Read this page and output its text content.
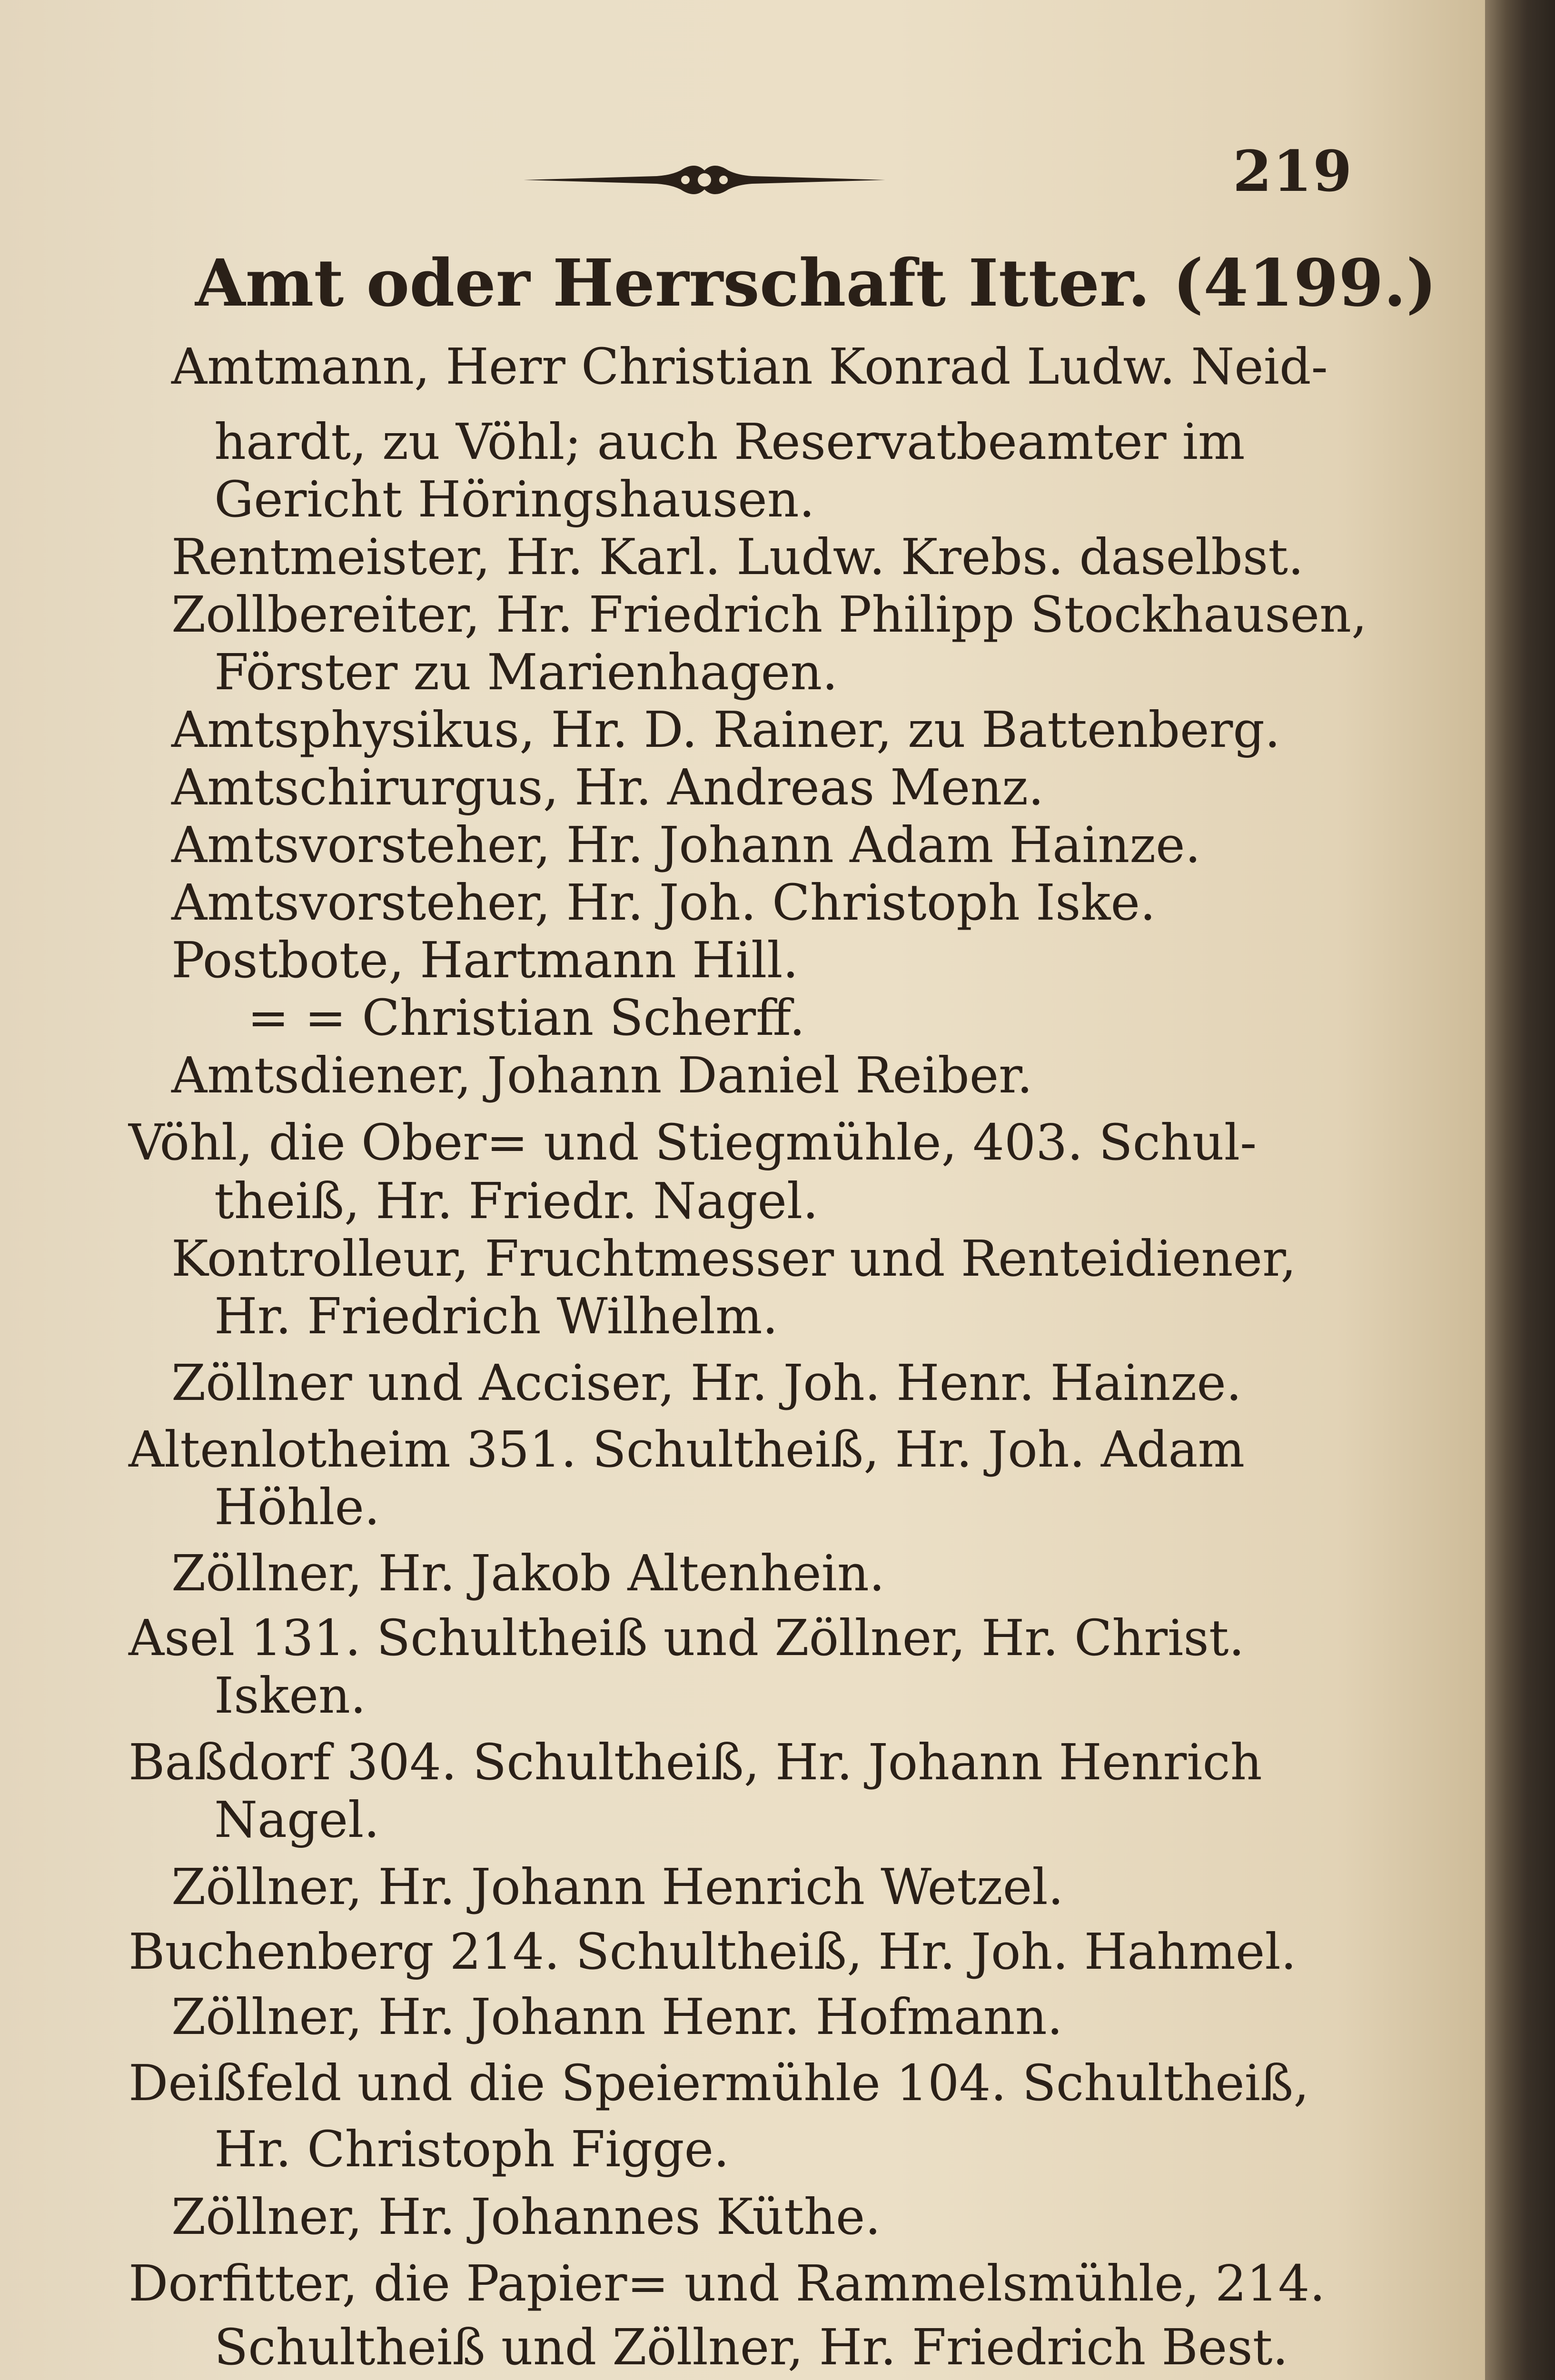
219
Amt oder Herrschaft Itter. (4199.)
Amtmann, Herr Christian Konrad Ludw. Neid-
hardt, zu Vöhl; auch Reservatbeamter im
Gericht Höringshausen.
Rentmeister, Hr. Karl. Ludw. Krebs. daselbst.
Zollbereiter, Hr. Friedrich Philipp Stockhausen,
Förster zu Marienhagen.
Amtsphysikus, Hr. D. Rainer, zu Battenberg.
Amtschirurgus, Hr. Andreas Menz.
Amtsvorsteher, Hr. Johann Adam Hainze.
Amtsvorsteher, Hr. Joh. Christoph Iske.
Postbote, Hartmann Hill.
= = Christian Scherff.
Amtsdiener, Johann Daniel Reiber.
Vöhl, die Ober= und Stiegmühle, 403. Schul-
theiß, Hr. Friedr. Nagel.
Kontrolleur, Fruchtmesser und Renteidiener,
Hr. Friedrich Wilhelm.
Zöllner und Acciser, Hr. Joh. Henr. Hainze.
Altenlotheim 351. Schultheiß, Hr. Joh. Adam
Höhle.
Zöllner, Hr. Jakob Altenhein.
Asel 131. Schultheiß und Zöllner, Hr. Christ.
Isken.
Baßdorf 304. Schultheiß, Hr. Johann Henrich
Nagel.
Zöllner, Hr. Johann Henrich Wetzel.
Buchenberg 214. Schultheiß, Hr. Joh. Hahmel.
Zöllner, Hr. Johann Henr. Hofmann.
Deißfeld und die Speiermühle 104. Schultheiß,
Hr. Christoph Figge.
Zöllner, Hr. Johannes Küthe.
Dorfitter, die Papier= und Rammelsmühle, 214.
Schultheiß und Zöllner, Hr. Friedrich Best.
